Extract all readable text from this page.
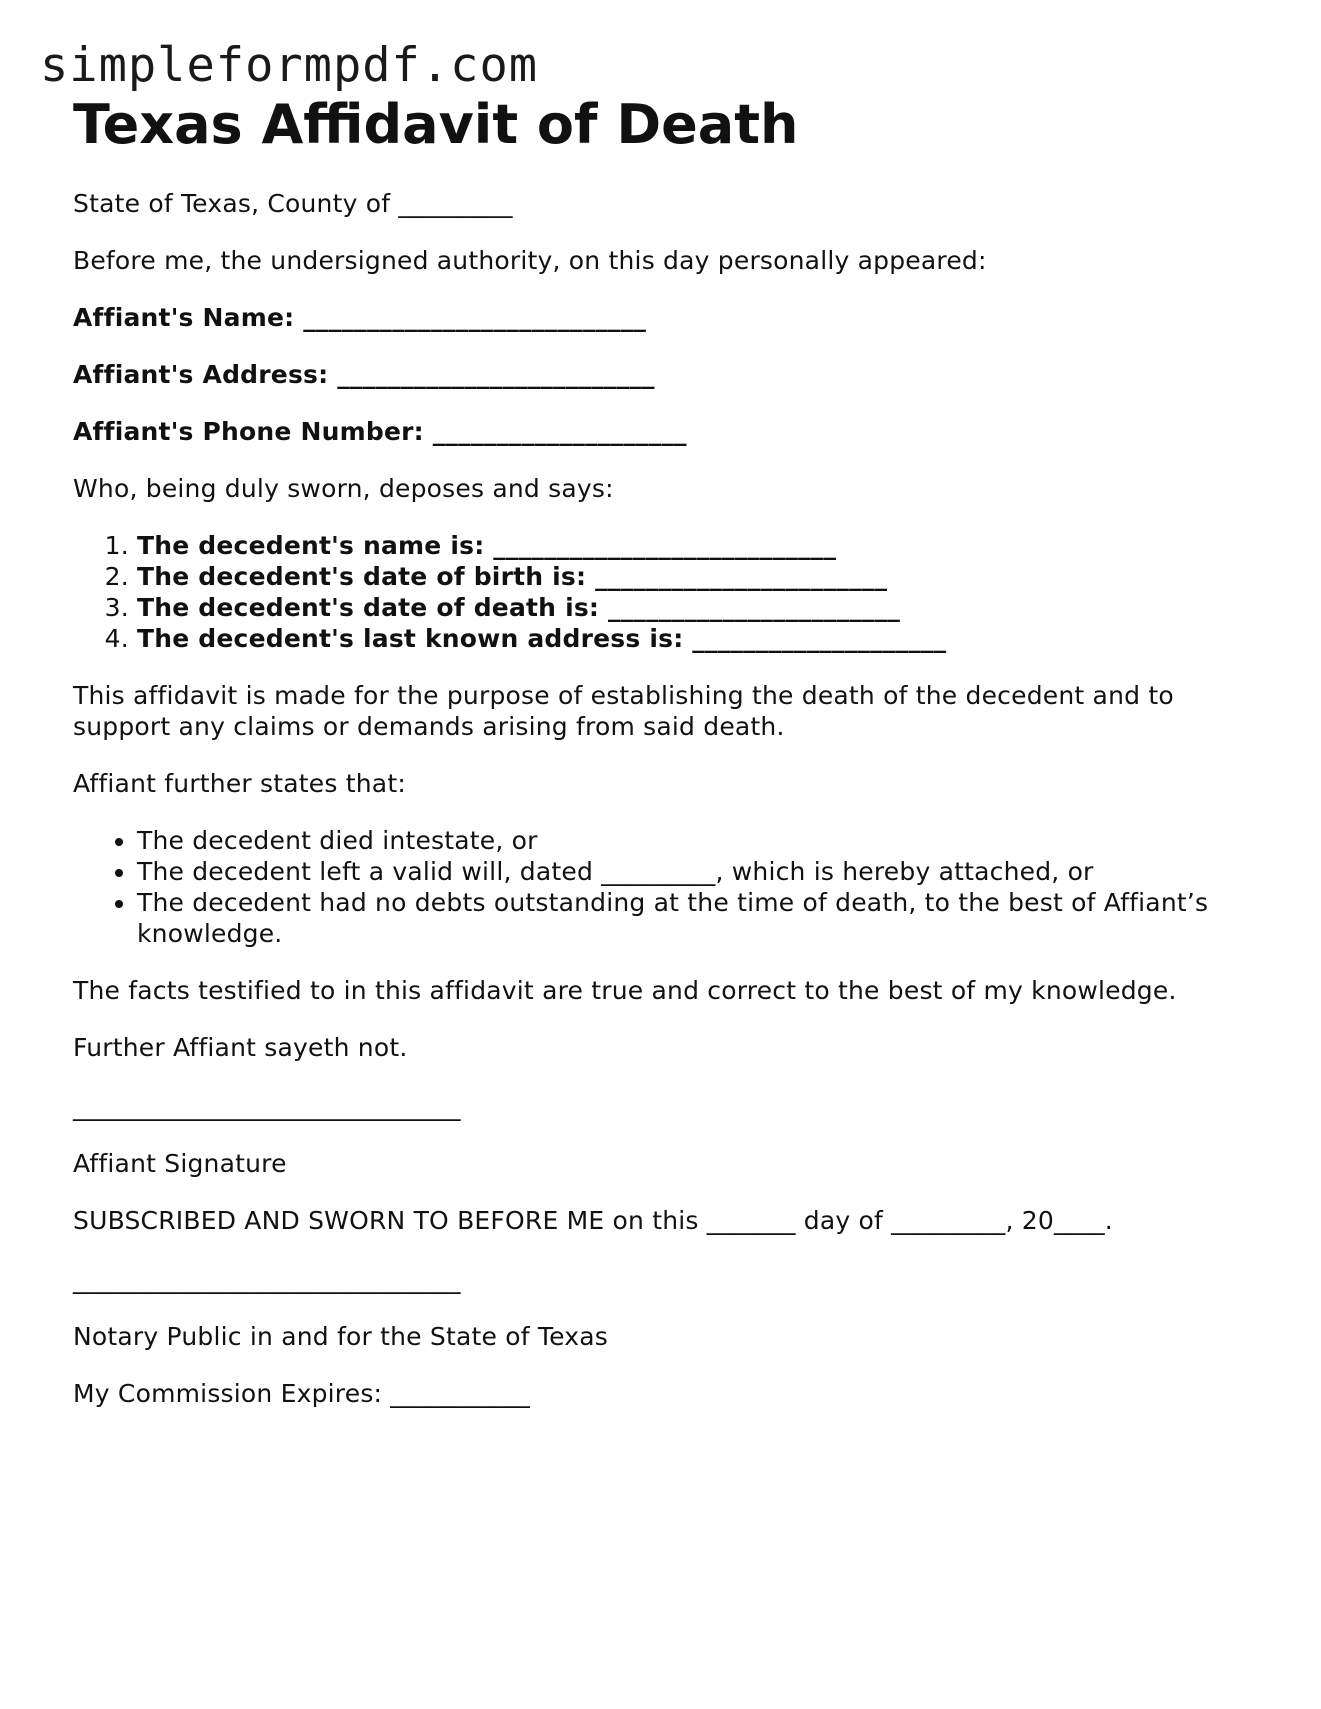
simpleformpdf.com
Texas Affidavit of Death

State of Texas, County of _________

Before me, the undersigned authority, on this day personally appeared:

Affiant's Name: ___________________________

Affiant's Address: _________________________

Affiant's Phone Number: ____________________

Who, being duly sworn, deposes and says:

1. The decedent's name is: ___________________________
2. The decedent's date of birth is: _______________________
3. The decedent's date of death is: _______________________
4. The decedent's last known address is: ____________________

This affidavit is made for the purpose of establishing the death of the decedent and to support any claims or demands arising from said death.

Affiant further states that:

• The decedent died intestate, or
• The decedent left a valid will, dated _________, which is hereby attached, or
• The decedent had no debts outstanding at the time of death, to the best of Affiant’s knowledge.

The facts testified to in this affidavit are true and correct to the best of my knowledge.

Further Affiant sayeth not.

_______________________________

Affiant Signature

SUBSCRIBED AND SWORN TO BEFORE ME on this _______ day of _________, 20____.

_______________________________

Notary Public in and for the State of Texas

My Commission Expires: ___________
